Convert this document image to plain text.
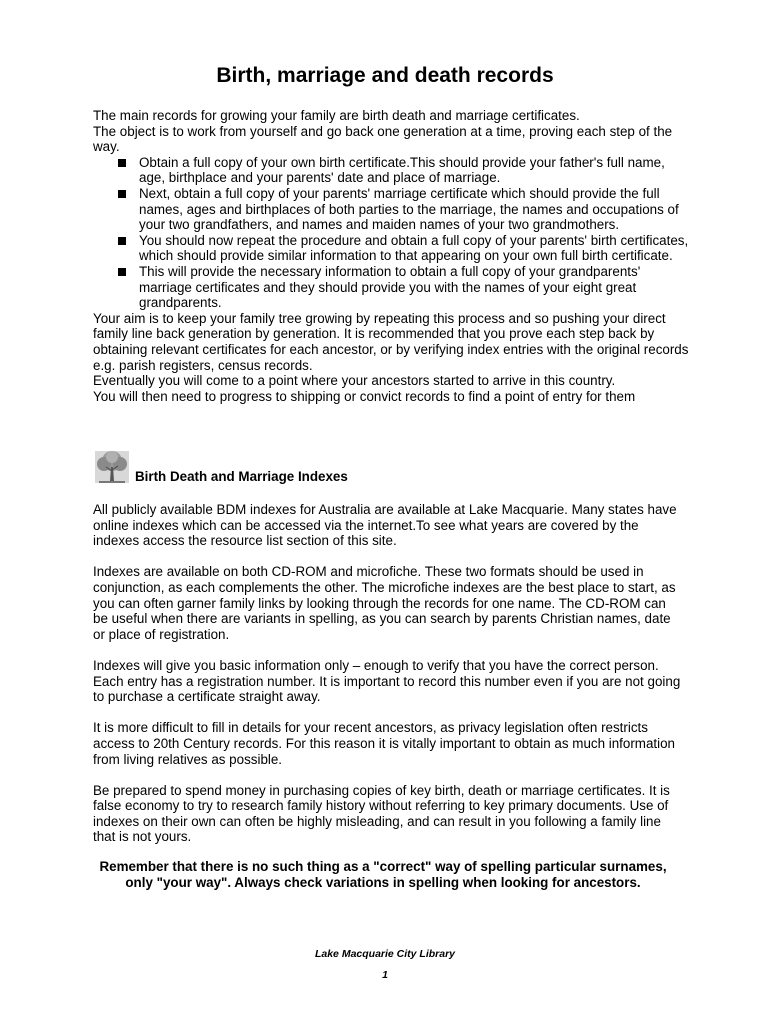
Birth, marriage and death records

The main records for growing your family are birth death and marriage certificates.

The object is to work from yourself and go back one generation at a time, proving each step of the way.

Obtain a full copy of your own birth certificate.This should provide your father's full name, age, birthplace and your parents' date and place of marriage.
Next, obtain a full copy of your parents' marriage certificate which should provide the full names, ages and birthplaces of both parties to the marriage, the names and occupations of your two grandfathers, and names and maiden names of your two grandmothers.
You should now repeat the procedure and obtain a full copy of your parents' birth certificates, which should provide similar information to that appearing on your own full birth certificate.
This will provide the necessary information to obtain a full copy of your grandparents' marriage certificates and they should provide you with the names of your eight great grandparents.

Your aim is to keep your family tree growing by repeating this process and so pushing your direct family line back generation by generation. It is recommended that you prove each step back by obtaining relevant certificates for each ancestor, or by verifying index entries with the original records e.g. parish registers, census records.

Eventually you will come to a point where your ancestors started to arrive in this country.

You will then need to progress to shipping or convict records to find a point of entry for them

Birth Death and Marriage Indexes

All publicly available BDM indexes for Australia are available at Lake Macquarie. Many states have online indexes which can be accessed via the internet.To see what years are covered by the indexes access the resource list section of this site.

Indexes are available on both CD-ROM and microfiche. These two formats should be used in conjunction, as each complements the other. The microfiche indexes are the best place to start, as you can often garner family links by looking through the records for one name. The CD-ROM can be useful when there are variants in spelling, as you can search by parents Christian names, date or place of registration.

Indexes will give you basic information only – enough to verify that you have the correct person. Each entry has a registration number. It is important to record this number even if you are not going to purchase a certificate straight away.

It is more difficult to fill in details for your recent ancestors, as privacy legislation often restricts access to 20th Century records. For this reason it is vitally important to obtain as much information from living relatives as possible.

Be prepared to spend money in purchasing copies of key birth, death or marriage certificates. It is false economy to try to research family history without referring to key primary documents. Use of indexes on their own can often be highly misleading, and can result in you following a family line that is not yours.

Remember that there is no such thing as a "correct" way of spelling particular surnames, only "your way". Always check variations in spelling when looking for ancestors.

Lake Macquarie City Library

1
